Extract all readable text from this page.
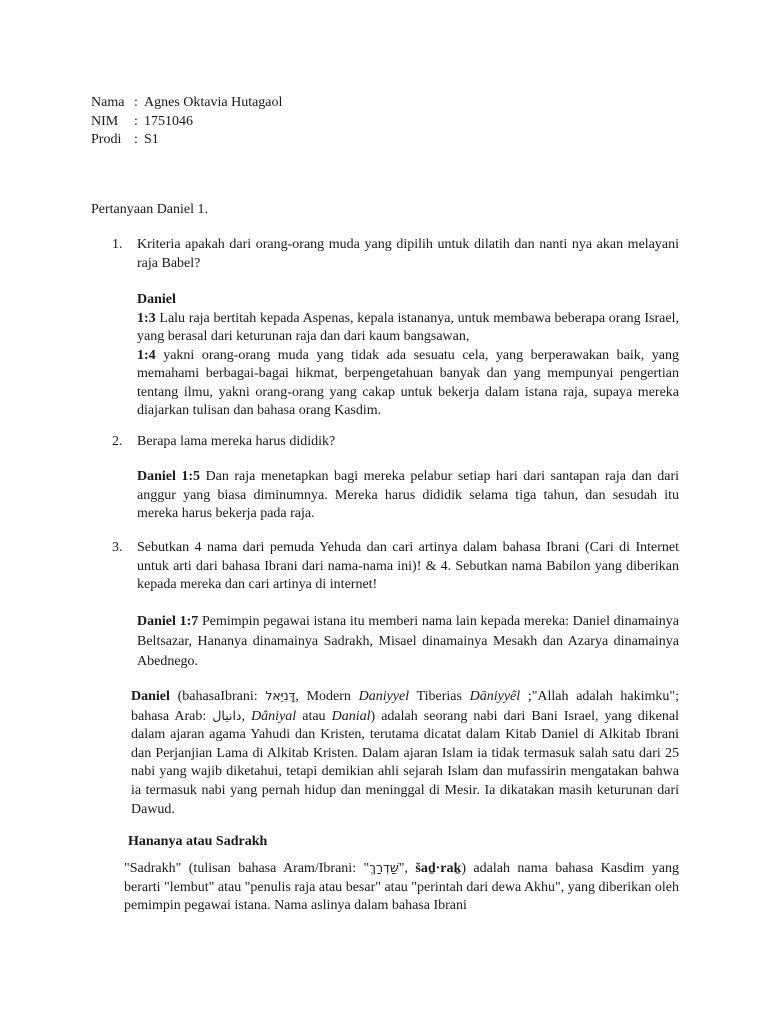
Nama : Agnes Oktavia Hutagaol
NIM	: 1751046
Prodi : S1
Pertanyaan Daniel 1.
1. Kriteria apakah dari orang-orang muda yang dipilih untuk dilatih dan nanti nya akan melayani raja Babel?

Daniel

1:3 Lalu raja bertitah kepada Aspenas, kepala istananya, untuk membawa beberapa orang Israel, yang berasal dari keturunan raja dan dari kaum bangsawan,

1:4 yakni orang-orang muda yang tidak ada sesuatu cela, yang berperawakan baik, yang memahami berbagai-bagai hikmat, berpengetahuan banyak dan yang mempunyai pengertian tentang ilmu, yakni orang-orang yang cakap untuk bekerja dalam istana raja, supaya mereka diajarkan tulisan dan bahasa orang Kasdim.

2. Berapa lama mereka harus dididik?

Daniel 1:5 Dan raja menetapkan bagi mereka pelabur setiap hari dari santapan raja dan dari anggur yang biasa diminumnya. Mereka harus dididik selama tiga tahun, dan sesudah itu mereka harus bekerja pada raja.

3. Sebutkan 4 nama dari pemuda Yehuda dan cari artinya dalam bahasa Ibrani (Cari di Internet untuk arti dari bahasa Ibrani dari nama-nama ini)! & 4. Sebutkan nama Babilon yang diberikan kepada mereka dan cari artinya di internet!

Daniel 1:7 Pemimpin pegawai istana itu memberi nama lain kepada mereka: Daniel dinamainya Beltsazar, Hananya dinamainya Sadrakh, Misael dinamainya Mesakh dan Azarya dinamainya Abednego.

Daniel (bahasaIbrani: דָּנִיֵּאל, Modern Daniyyel Tiberias Dāniyyêl ;"Allah adalah hakimku"; bahasa Arab: دانيال, Dâniyal atau Danial) adalah seorang nabi dari Bani Israel, yang dikenal dalam ajaran agama Yahudi dan Kristen, terutama dicatat dalam Kitab Daniel di Alkitab Ibrani dan Perjanjian Lama di Alkitab Kristen. Dalam ajaran Islam ia tidak termasuk salah satu dari 25 nabi yang wajib diketahui, tetapi demikian ahli sejarah Islam dan mufassirin mengatakan bahwa ia termasuk nabi yang pernah hidup dan meninggal di Mesir. Ia dikatakan masih keturunan dari Dawud.
Hananya atau Sadrakh
"Sadrakh" (tulisan bahasa Aram/Ibrani: "שַׁדְרַךְ", šaḏ·raḵ) adalah nama bahasa Kasdim yang berarti "lembut" atau "penulis raja atau besar" atau "perintah dari dewa Akhu", yang diberikan oleh pemimpin pegawai istana. Nama aslinya dalam bahasa Ibrani
